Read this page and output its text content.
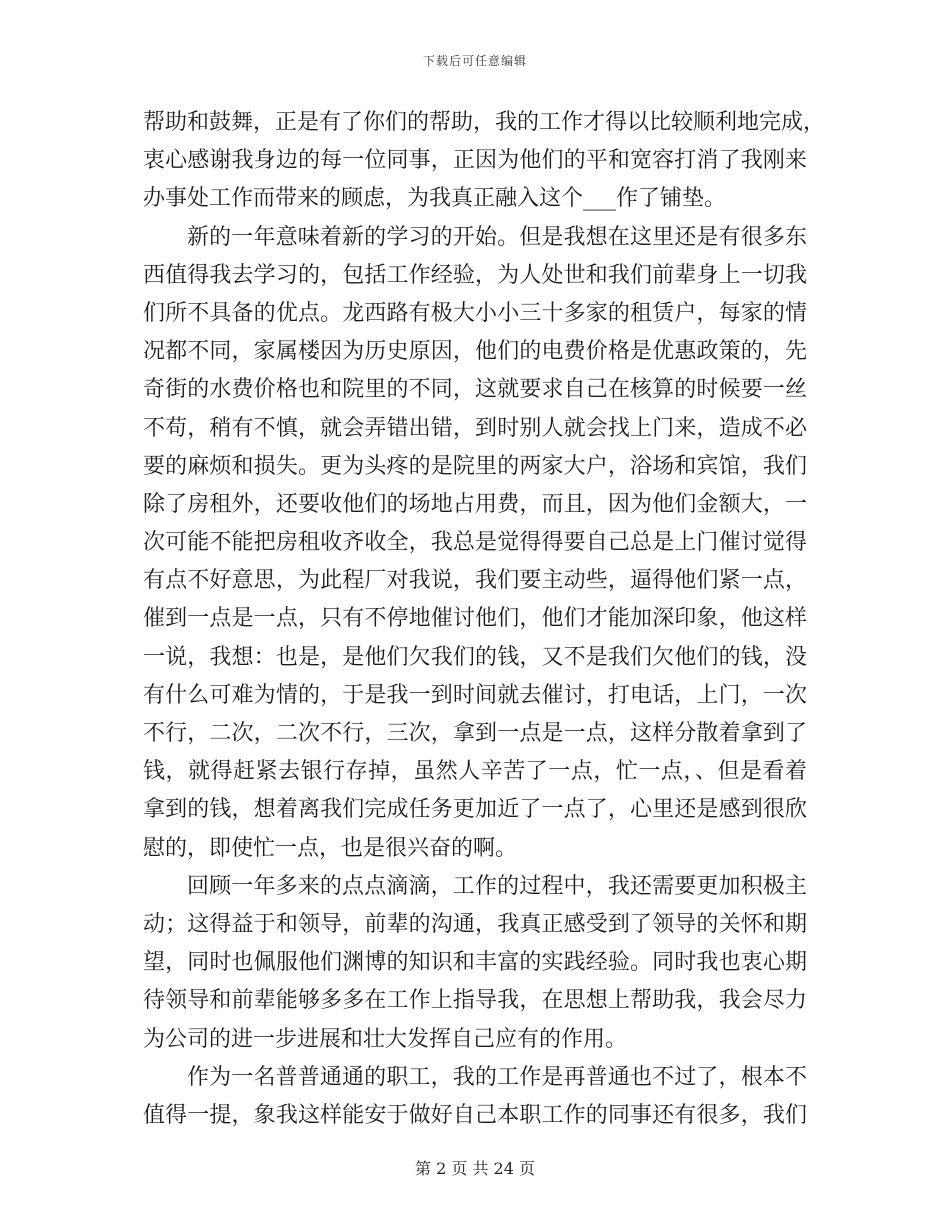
下载后可任意编辑
帮助和鼓舞，正是有了你们的帮助，我的工作才得以比较顺利地完成，
衷心感谢我身边的每一位同事，正因为他们的平和宽容打消了我刚来
办事处工作而带来的顾虑，为我真正融入这个___作了铺垫。
新的一年意味着新的学习的开始。但是我想在这里还是有很多东
西值得我去学习的，包括工作经验，为人处世和我们前辈身上一切我
们所不具备的优点。龙西路有极大小小三十多家的租赁户，每家的情
况都不同，家属楼因为历史原因，他们的电费价格是优惠政策的，先
奇街的水费价格也和院里的不同，这就要求自己在核算的时候要一丝
不苟，稍有不慎，就会弄错出错，到时别人就会找上门来，造成不必
要的麻烦和损失。更为头疼的是院里的两家大户，浴场和宾馆，我们
除了房租外，还要收他们的场地占用费，而且，因为他们金额大，一
次可能不能把房租收齐收全，我总是觉得得要自己总是上门催讨觉得
有点不好意思，为此程厂对我说，我们要主动些，逼得他们紧一点，
催到一点是一点，只有不停地催讨他们，他们才能加深印象，他这样
一说，我想：也是，是他们欠我们的钱，又不是我们欠他们的钱，没
有什么可难为情的，于是我一到时间就去催讨，打电话，上门，一次
不行，二次，二次不行，三次，拿到一点是一点，这样分散着拿到了
钱，就得赶紧去银行存掉，虽然人辛苦了一点，忙一点，、但是看着
拿到的钱，想着离我们完成任务更加近了一点了，心里还是感到很欣
慰的，即使忙一点，也是很兴奋的啊。
回顾一年多来的点点滴滴，工作的过程中，我还需要更加积极主
动；这得益于和领导，前辈的沟通，我真正感受到了领导的关怀和期
望，同时也佩服他们渊博的知识和丰富的实践经验。同时我也衷心期
待领导和前辈能够多多在工作上指导我，在思想上帮助我，我会尽力
为公司的进一步进展和壮大发挥自己应有的作用。
作为一名普普通通的职工，我的工作是再普通也不过了，根本不
值得一提，象我这样能安于做好自己本职工作的同事还有很多，我们
第 2 页 共 24 页
